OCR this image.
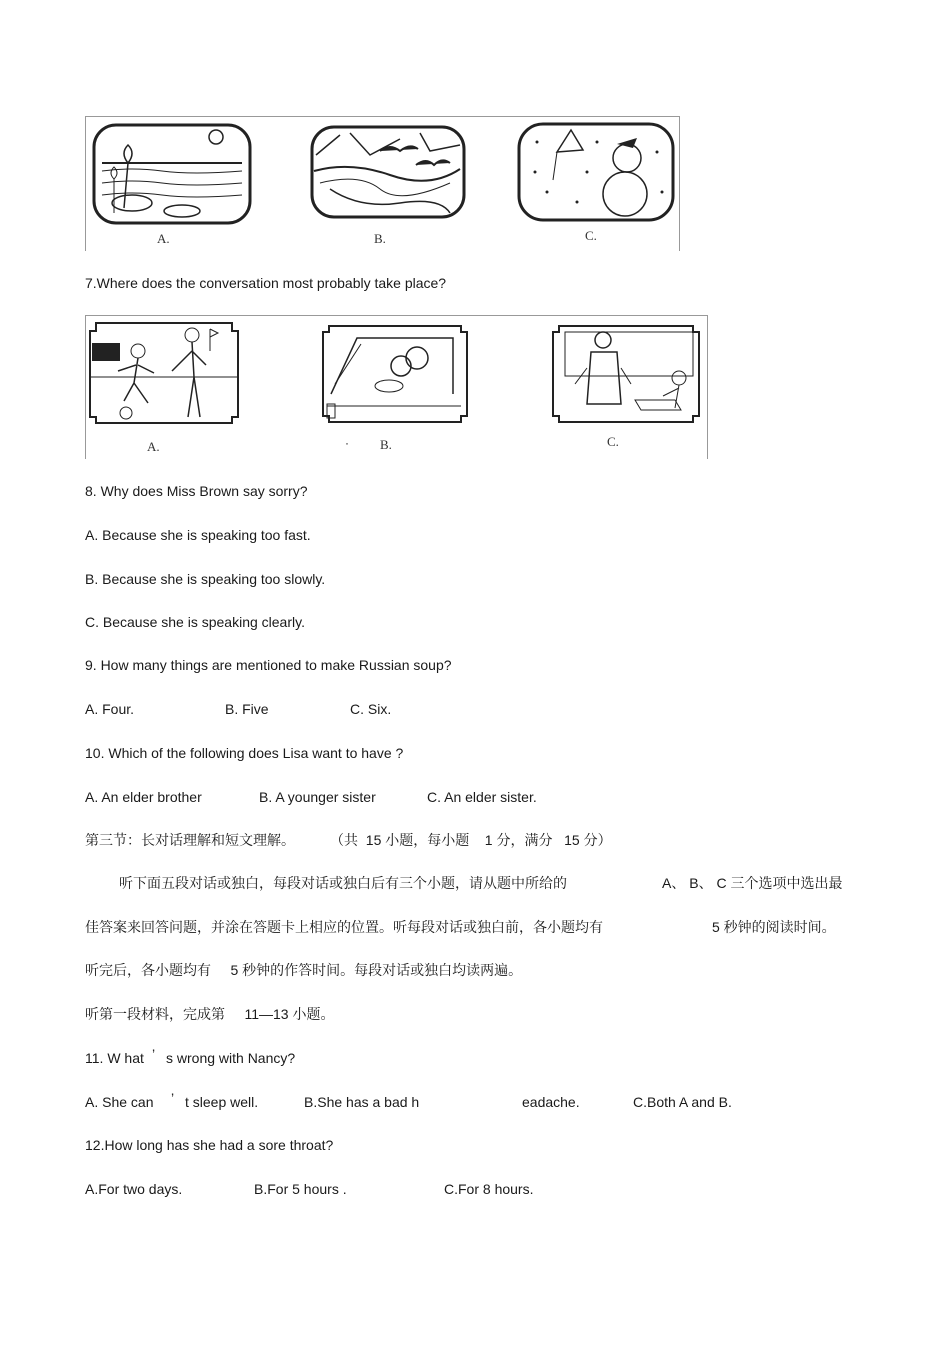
A.	B.	C.
7.Where does the conversation most probably take place?
A.	· B.	C.
8. Why does Miss Brown say sorry?
A. Because she is speaking too fast.
B. Because she is speaking too slowly.
C. Because she is speaking clearly.
9. How many things are mentioned to make Russian soup?
A. Four.	B. Five	C. Six.
10. Which of the following does Lisa want to have ?
A. An elder brother	B. A younger sister	C. An elder sister.
第三节：长对话理解和短文理解。	（共  15 小题，每小题    1 分，满分   15 分）
听下面五段对话或独白，每段对话或独白后有三个小题，请从题中所给的	A、 B、 C 三个选项中选出最
佳答案来回答问题，并涂在答题卡上相应的位置。听每段对话或独白前，各小题均有	5 秒钟的阅读时间。
听完后，各小题均有     5 秒钟的作答时间。每段对话或独白均读两遍。
听第一段材料，完成第     11—13 小题。
11. W hat ’ s wrong with Nancy?
A. She can ’ t sleep well.	B.She has a bad h	eadache.	C.Both A and B.
12.How long has she had a sore throat?
A.For two days.	B.For 5 hours .	C.For 8 hours.
